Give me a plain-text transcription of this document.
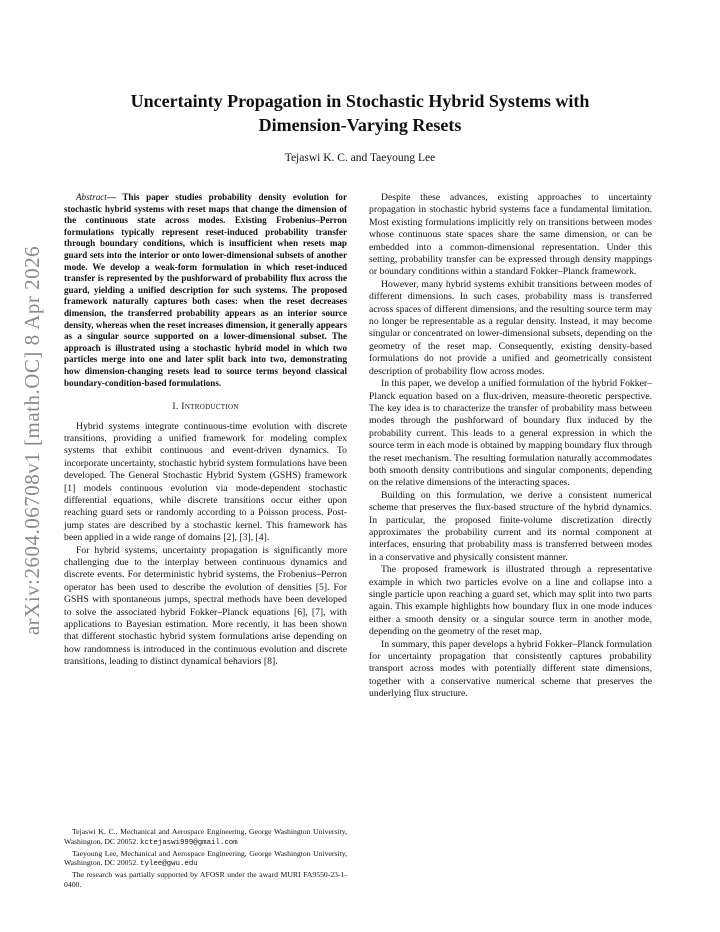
arXiv:2604.06708v1 [math.OC] 8 Apr 2026
Uncertainty Propagation in Stochastic Hybrid Systems with
Dimension-Varying Resets
Tejaswi K. C. and Taeyoung Lee

Abstract— This paper studies probability density evolution for stochastic hybrid systems with reset maps that change the dimension of the continuous state across modes. Existing Frobenius–Perron formulations typically represent reset-induced probability transfer through boundary conditions, which is insufficient when resets map guard sets into the interior or onto lower-dimensional subsets of another mode. We develop a weak-form formulation in which reset-induced transfer is represented by the pushforward of probability flux across the guard, yielding a unified description for such systems. The proposed framework naturally captures both cases: when the reset decreases dimension, the transferred probability appears as an interior source density, whereas when the reset increases dimension, it generally appears as a singular source supported on a lower-dimensional subset. The approach is illustrated using a stochastic hybrid model in which two particles merge into one and later split back into two, demonstrating how dimension-changing resets lead to source terms beyond classical boundary-condition-based formulations.

I. Introduction

Hybrid systems integrate continuous-time evolution with discrete transitions, providing a unified framework for modeling complex systems that exhibit continuous and event-driven dynamics. To incorporate uncertainty, stochastic hybrid system formulations have been developed. The General Stochastic Hybrid System (GSHS) framework [1] models continuous evolution via mode-dependent stochastic differential equations, while discrete transitions occur either upon reaching guard sets or randomly according to a Poisson process. Post-jump states are described by a stochastic kernel. This framework has been applied in a wide range of domains [2], [3], [4].

For hybrid systems, uncertainty propagation is significantly more challenging due to the interplay between continuous dynamics and discrete events. For deterministic hybrid systems, the Frobenius–Perron operator has been used to describe the evolution of densities [5]. For GSHS with spontaneous jumps, spectral methods have been developed to solve the associated hybrid Fokker–Planck equations [6], [7], with applications to Bayesian estimation. More recently, it has been shown that different stochastic hybrid system formulations arise depending on how randomness is introduced in the continuous evolution and discrete transitions, leading to distinct dynamical behaviors [8].

Tejaswi K. C., Mechanical and Aerospace Engineering, George Washington University, Washington, DC 20052. kctejaswi999@gmail.com

Taeyoung Lee, Mechanical and Aerospace Engineering, George Washington University, Washington, DC 20052. tylee@gwu.edu

The research was partially supported by AFOSR under the award MURI FA9550-23-1-0400.

Despite these advances, existing approaches to uncertainty propagation in stochastic hybrid systems face a fundamental limitation. Most existing formulations implicitly rely on transitions between modes whose continuous state spaces share the same dimension, or can be embedded into a common-dimensional representation. Under this setting, probability transfer can be expressed through density mappings or boundary conditions within a standard Fokker–Planck framework.

However, many hybrid systems exhibit transitions between modes of different dimensions. In such cases, probability mass is transferred across spaces of different dimensions, and the resulting source term may no longer be representable as a regular density. Instead, it may become singular or concentrated on lower-dimensional subsets, depending on the geometry of the reset map. Consequently, existing density-based formulations do not provide a unified and geometrically consistent description of probability flow across modes.

In this paper, we develop a unified formulation of the hybrid Fokker–Planck equation based on a flux-driven, measure-theoretic perspective. The key idea is to characterize the transfer of probability mass between modes through the pushforward of boundary flux induced by the probability current. This leads to a general expression in which the source term in each mode is obtained by mapping boundary flux through the reset mechanism. The resulting formulation naturally accommodates both smooth density contributions and singular components, depending on the relative dimensions of the interacting spaces.

Building on this formulation, we derive a consistent numerical scheme that preserves the flux-based structure of the hybrid dynamics. In particular, the proposed finite-volume discretization directly approximates the probability current and its normal component at interfaces, ensuring that probability mass is transferred between modes in a conservative and physically consistent manner.

The proposed framework is illustrated through a representative example in which two particles evolve on a line and collapse into a single particle upon reaching a guard set, which may split into two parts again. This example highlights how boundary flux in one mode induces either a smooth density or a singular source term in another mode, depending on the geometry of the reset map.

In summary, this paper develops a hybrid Fokker–Planck formulation for uncertainty propagation that consistently captures probability transport across modes with potentially different state dimensions, together with a conservative numerical scheme that preserves the underlying flux structure.
